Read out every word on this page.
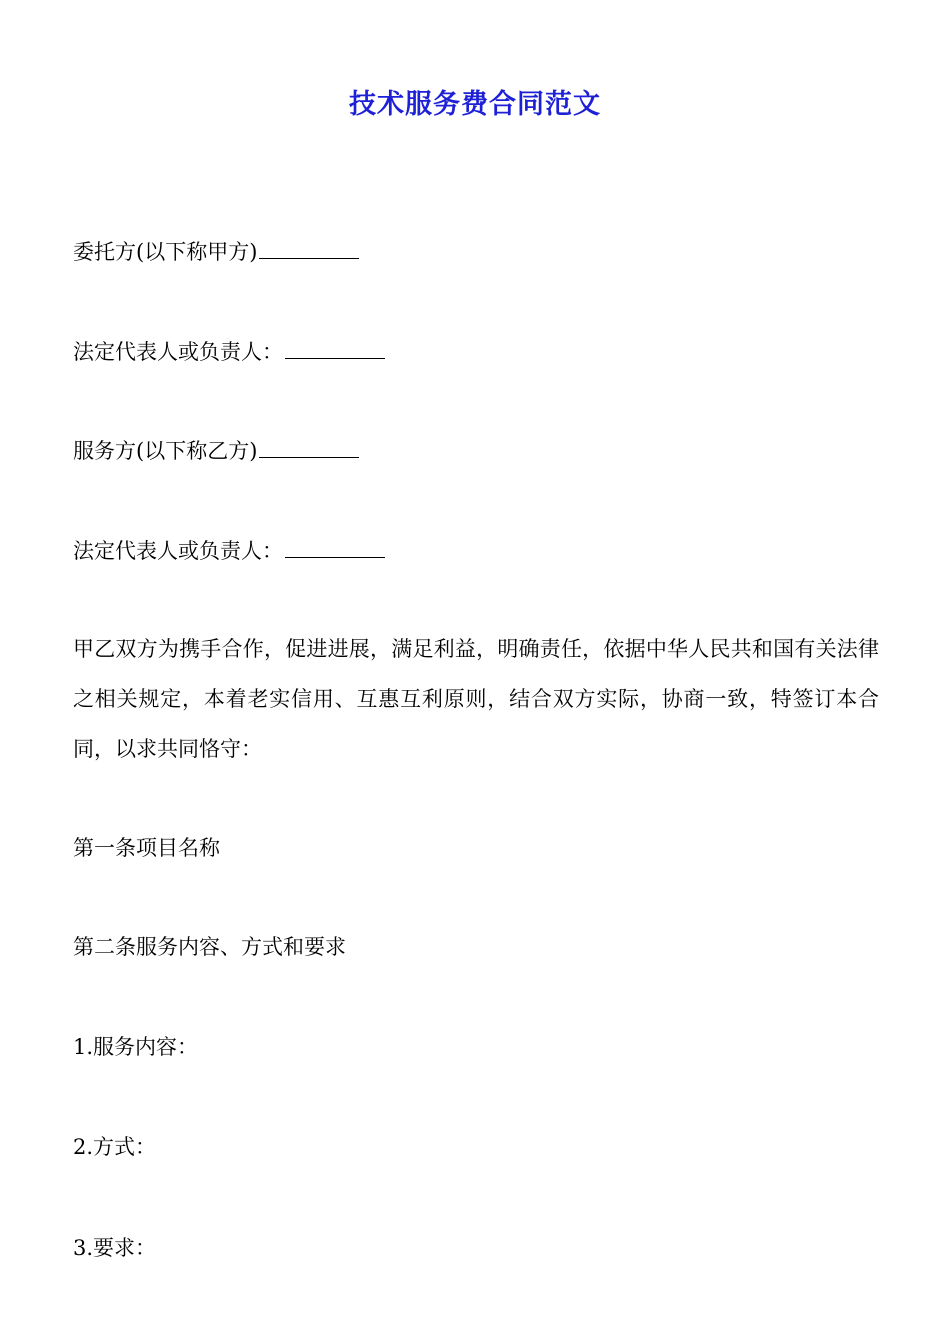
技术服务费合同范文
委托方(以下称甲方)
法定代表人或负责人：
服务方(以下称乙方)
法定代表人或负责人：
甲乙双方为携手合作，促进进展，满足利益，明确责任，依据中华人民共和国有关法律之相关规定，本着老实信用、互惠互利原则，结合双方实际，协商一致，特签订本合同，以求共同恪守：
第一条项目名称
第二条服务内容、方式和要求
1.服务内容：
2.方式：
3.要求：
